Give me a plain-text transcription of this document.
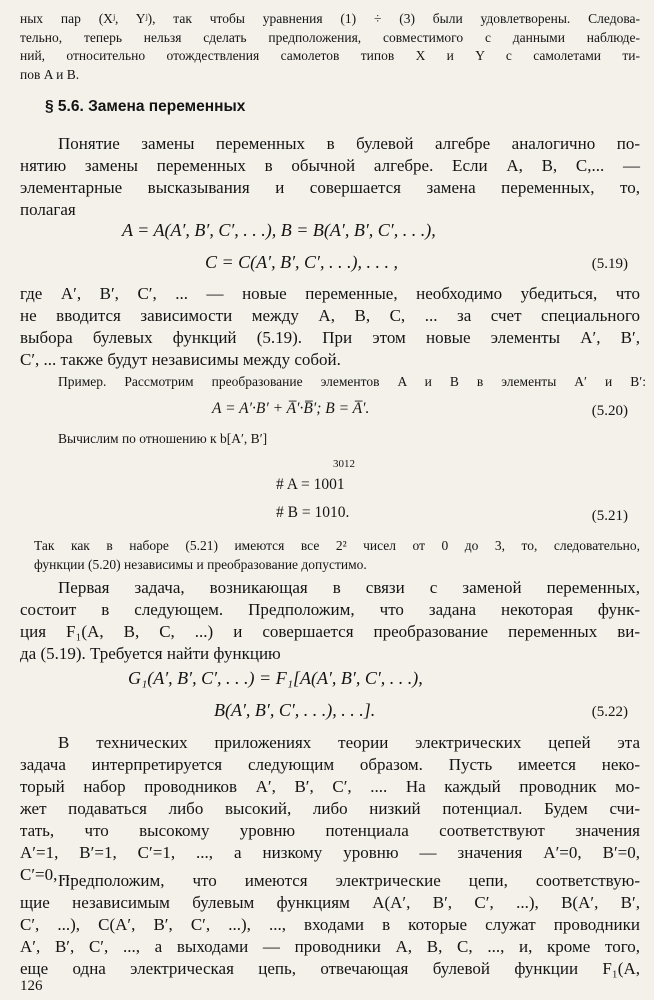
ных пар (Xʲ, Yʲ), так чтобы уравнения (1) ÷ (3) были удовлетворены. Следова-
тельно, теперь нельзя сделать предположения, совместимого с данными наблюде-
ний, относительно отождествления самолетов типов X и Y с самолетами ти-
пов A и B.
§ 5.6. Замена переменных
Понятие замены переменных в булевой алгебре аналогично по-
нятию замены переменных в обычной алгебре. Если A, B, C,... —
элементарные высказывания и совершается замена переменных, то,
полагая
A = A(A′, B′, C′, . . .), B = B(A′, B′, C′, . . .),
C = C(A′, B′, C′, . . .), . . . ,	(5.19)
где A′, B′, C′, ... — новые переменные, необходимо убедиться, что
не вводится зависимости между A, B, C, ... за счет специального
выбора булевых функций (5.19). При этом новые элементы A′, B′,
C′, ... также будут независимы между собой.
Пример. Рассмотрим преобразование элементов A и B в элементы A′ и B′:
A = A′·B′ + A̅′·B̅′; B = A̅′.	(5.20)
Вычислим по отношению к b[A′, B′]
3012
# A = 1001
# B = 1010.	(5.21)
Так как в наборе (5.21) имеются все 2² чисел от 0 до 3, то, следовательно,
функции (5.20) независимы и преобразование допустимо.
Первая задача, возникающая в связи с заменой переменных,
состоит в следующем. Предположим, что задана некоторая функ-
ция F₁(A, B, C, ...) и совершается преобразование переменных ви-
да (5.19). Требуется найти функцию
G₁(A′, B′, C′, . . .) = F₁[A(A′, B′, C′, . . .),
B(A′, B′, C′, . . .), . . .].	(5.22)
В технических приложениях теории электрических цепей эта
задача интерпретируется следующим образом. Пусть имеется неко-
торый набор проводников A′, B′, C′, .... На каждый проводник мо-
жет подаваться либо высокий, либо низкий потенциал. Будем счи-
тать, что высокому уровню потенциала соответствуют значения
A′=1, B′=1, C′=1, ..., а низкому уровню — значения A′=0, B′=0,
C′=0, ...
Предположим, что имеются электрические цепи, соответствую-
щие независимым булевым функциям A(A′, B′, C′, ...), B(A′, B′,
C′, ...), C(A′, B′, C′, ...), ..., входами в которые служат проводники
A′, B′, C′, ..., а выходами — проводники A, B, C, ..., и, кроме того,
еще одна электрическая цепь, отвечающая булевой функции F₁(A,
126
